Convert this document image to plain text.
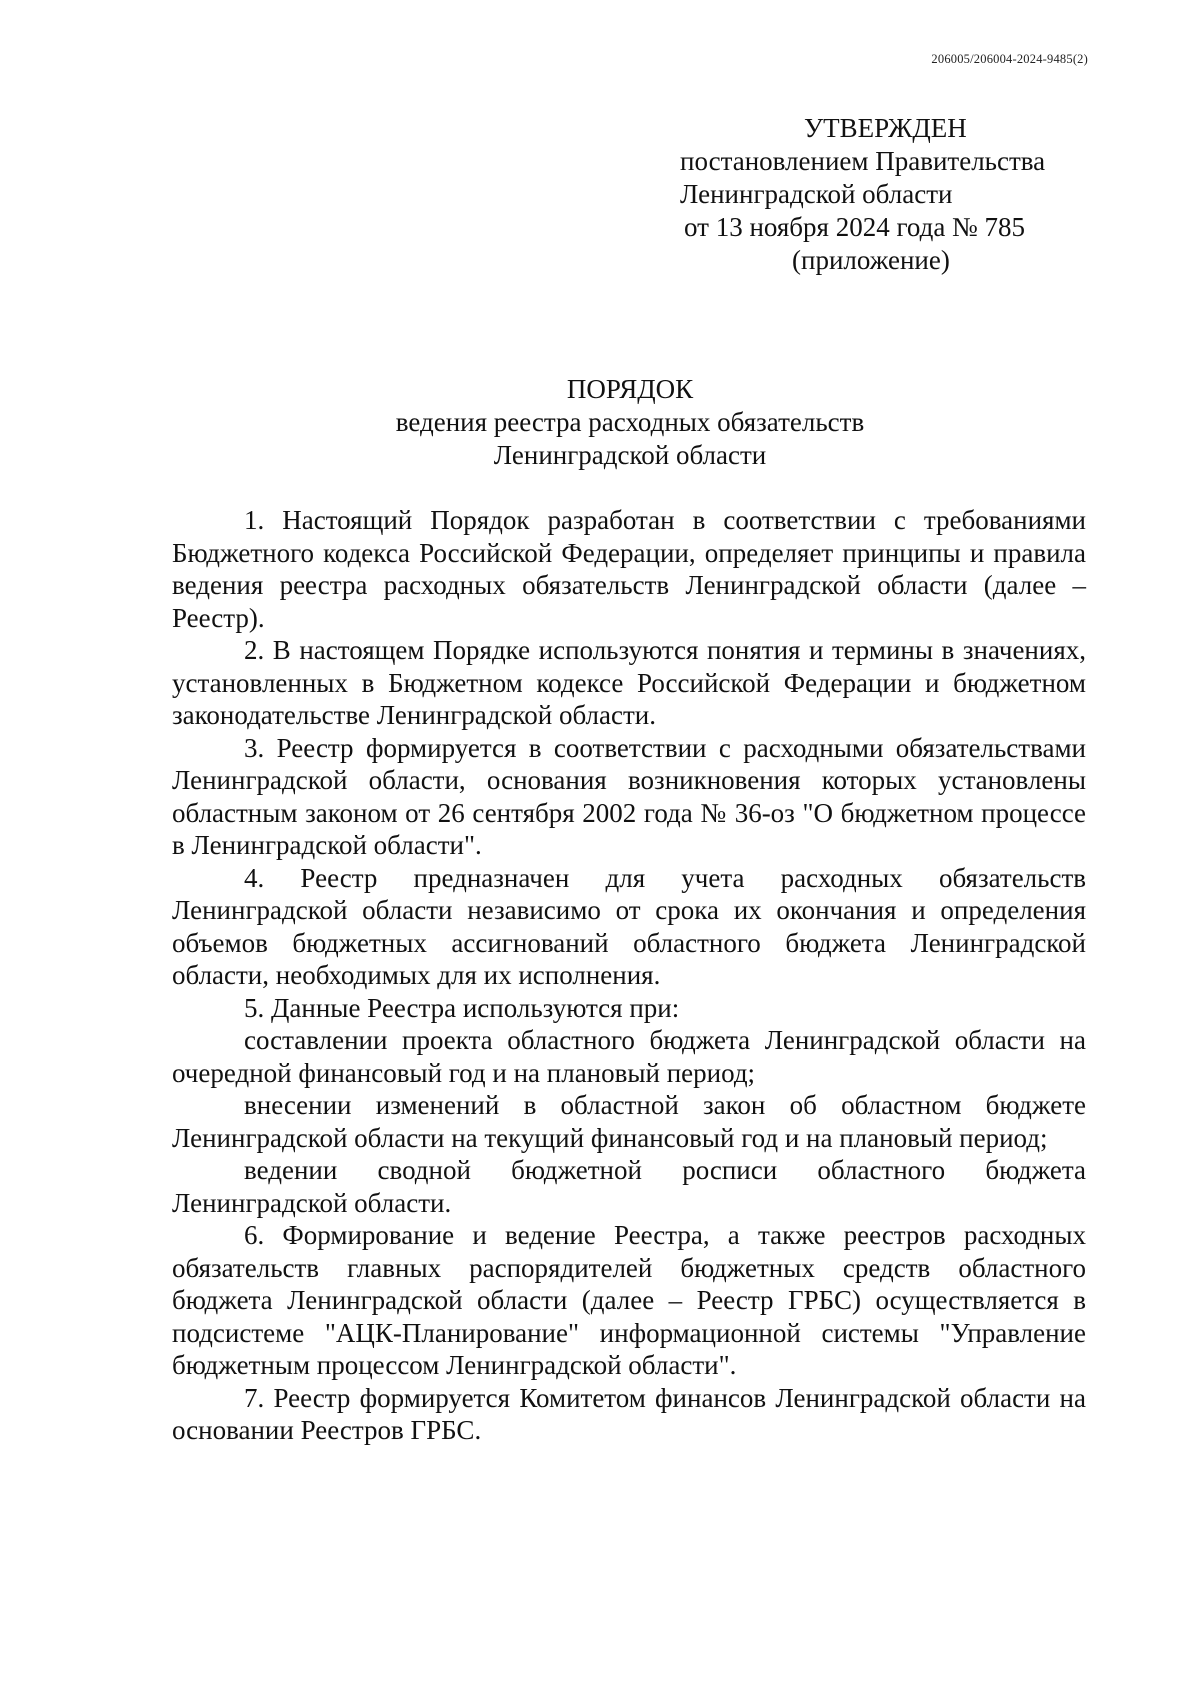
206005/206004-2024-9485(2)
УТВЕРЖДЕН
постановлением Правительства
Ленинградской области
от 13 ноября 2024 года № 785
(приложение)
ПОРЯДОК
ведения реестра расходных обязательств
Ленинградской области

1. Настоящий Порядок разработан в соответствии с требованиями Бюджетного кодекса Российской Федерации, определяет принципы и правила ведения реестра расходных обязательств Ленинградской области (далее – Реестр).

2. В настоящем Порядке используются понятия и термины в значениях, установленных в Бюджетном кодексе Российской Федерации и бюджетном законодательстве Ленинградской области.

3. Реестр формируется в соответствии с расходными обязательствами Ленинградской области, основания возникновения которых установлены областным законом от 26 сентября 2002 года № 36-оз "О бюджетном процессе в Ленинградской области".

4. Реестр предназначен для учета расходных обязательств Ленинградской области независимо от срока их окончания и определения объемов бюджетных ассигнований областного бюджета Ленинградской области, необходимых для их исполнения.

5. Данные Реестра используются при:

составлении проекта областного бюджета Ленинградской области на очередной финансовый год и на плановый период;

внесении изменений в областной закон об областном бюджете Ленинградской области на текущий финансовый год и на плановый период;

ведении сводной бюджетной росписи областного бюджета Ленинградской области.

6. Формирование и ведение Реестра, а также реестров расходных обязательств главных распорядителей бюджетных средств областного бюджета Ленинградской области (далее – Реестр ГРБС) осуществляется в подсистеме "АЦК-Планирование" информационной системы "Управление бюджетным процессом Ленинградской области".

7. Реестр формируется Комитетом финансов Ленинградской области на основании Реестров ГРБС.
